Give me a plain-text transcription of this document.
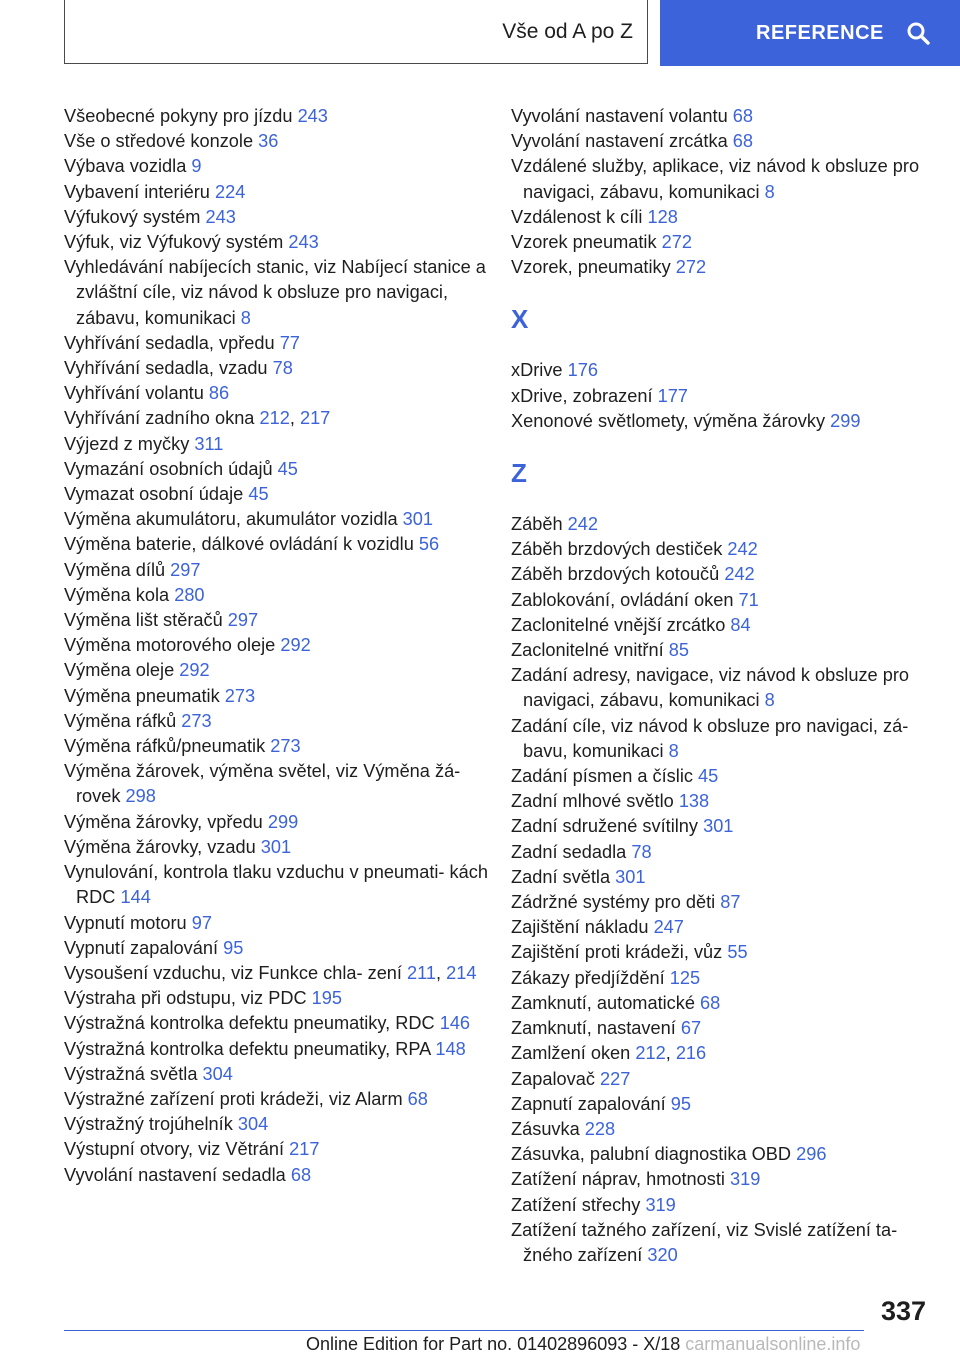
Vše od A po Z	REFERENCE
Všeobecné pokyny pro jízdu 243
Vše o středové konzole 36
Výbava vozidla 9
Vybavení interiéru 224
Výfukový systém 243
Výfuk, viz Výfukový systém 243
Vyhledávání nabíjecích stanic, viz Nabíjecí stanice a zvláštní cíle, viz návod k obsluze pro navigaci, zábavu, komunikaci 8
Vyhřívání sedadla, vpředu 77
Vyhřívání sedadla, vzadu 78
Vyhřívání volantu 86
Vyhřívání zadního okna 212, 217
Výjezd z myčky 311
Vymazání osobních údajů 45
Vymazat osobní údaje 45
Výměna akumulátoru, akumulátor vozidla 301
Výměna baterie, dálkové ovládání k vozidlu 56
Výměna dílů 297
Výměna kola 280
Výměna lišt stěračů 297
Výměna motorového oleje 292
Výměna oleje 292
Výměna pneumatik 273
Výměna ráfků 273
Výměna ráfků/pneumatik 273
Výměna žárovek, výměna světel, viz Výměna žá- rovek 298
Výměna žárovky, vpředu 299
Výměna žárovky, vzadu 301
Vynulování, kontrola tlaku vzduchu v pneumati- kách RDC 144
Vypnutí motoru 97
Vypnutí zapalování 95
Vysoušení vzduchu, viz Funkce chla- zení 211, 214
Výstraha při odstupu, viz PDC 195
Výstražná kontrolka defektu pneumatiky, RDC 146
Výstražná kontrolka defektu pneumatiky, RPA 148
Výstražná světla 304
Výstražné zařízení proti krádeži, viz Alarm 68
Výstražný trojúhelník 304
Výstupní otvory, viz Větrání 217
Vyvolání nastavení sedadla 68
Vyvolání nastavení volantu 68
Vyvolání nastavení zrcátka 68
Vzdálené služby, aplikace, viz návod k obsluze pro navigaci, zábavu, komunikaci 8
Vzdálenost k cíli 128
Vzorek pneumatik 272
Vzorek, pneumatiky 272
X
xDrive 176
xDrive, zobrazení 177
Xenonové světlomety, výměna žárovky 299
Z
Záběh 242
Záběh brzdových destiček 242
Záběh brzdových kotoučů 242
Zablokování, ovládání oken 71
Zaclonitelné vnější zrcátko 84
Zaclonitelné vnitřní 85
Zadání adresy, navigace, viz návod k obsluze pro navigaci, zábavu, komunikaci 8
Zadání cíle, viz návod k obsluze pro navigaci, zá- bavu, komunikaci 8
Zadání písmen a číslic 45
Zadní mlhové světlo 138
Zadní sdružené svítilny 301
Zadní sedadla 78
Zadní světla 301
Zádržné systémy pro děti 87
Zajištění nákladu 247
Zajištění proti krádeži, vůz 55
Zákazy předjíždění 125
Zamknutí, automatické 68
Zamknutí, nastavení 67
Zamlžení oken 212, 216
Zapalovač 227
Zapnutí zapalování 95
Zásuvka 228
Zásuvka, palubní diagnostika OBD 296
Zatížení náprav, hmotnosti 319
Zatížení střechy 319
Zatížení tažného zařízení, viz Svislé zatížení ta- žného zařízení 320
337
Online Edition for Part no. 01402896093 - X/18 carmanualsonline.info
